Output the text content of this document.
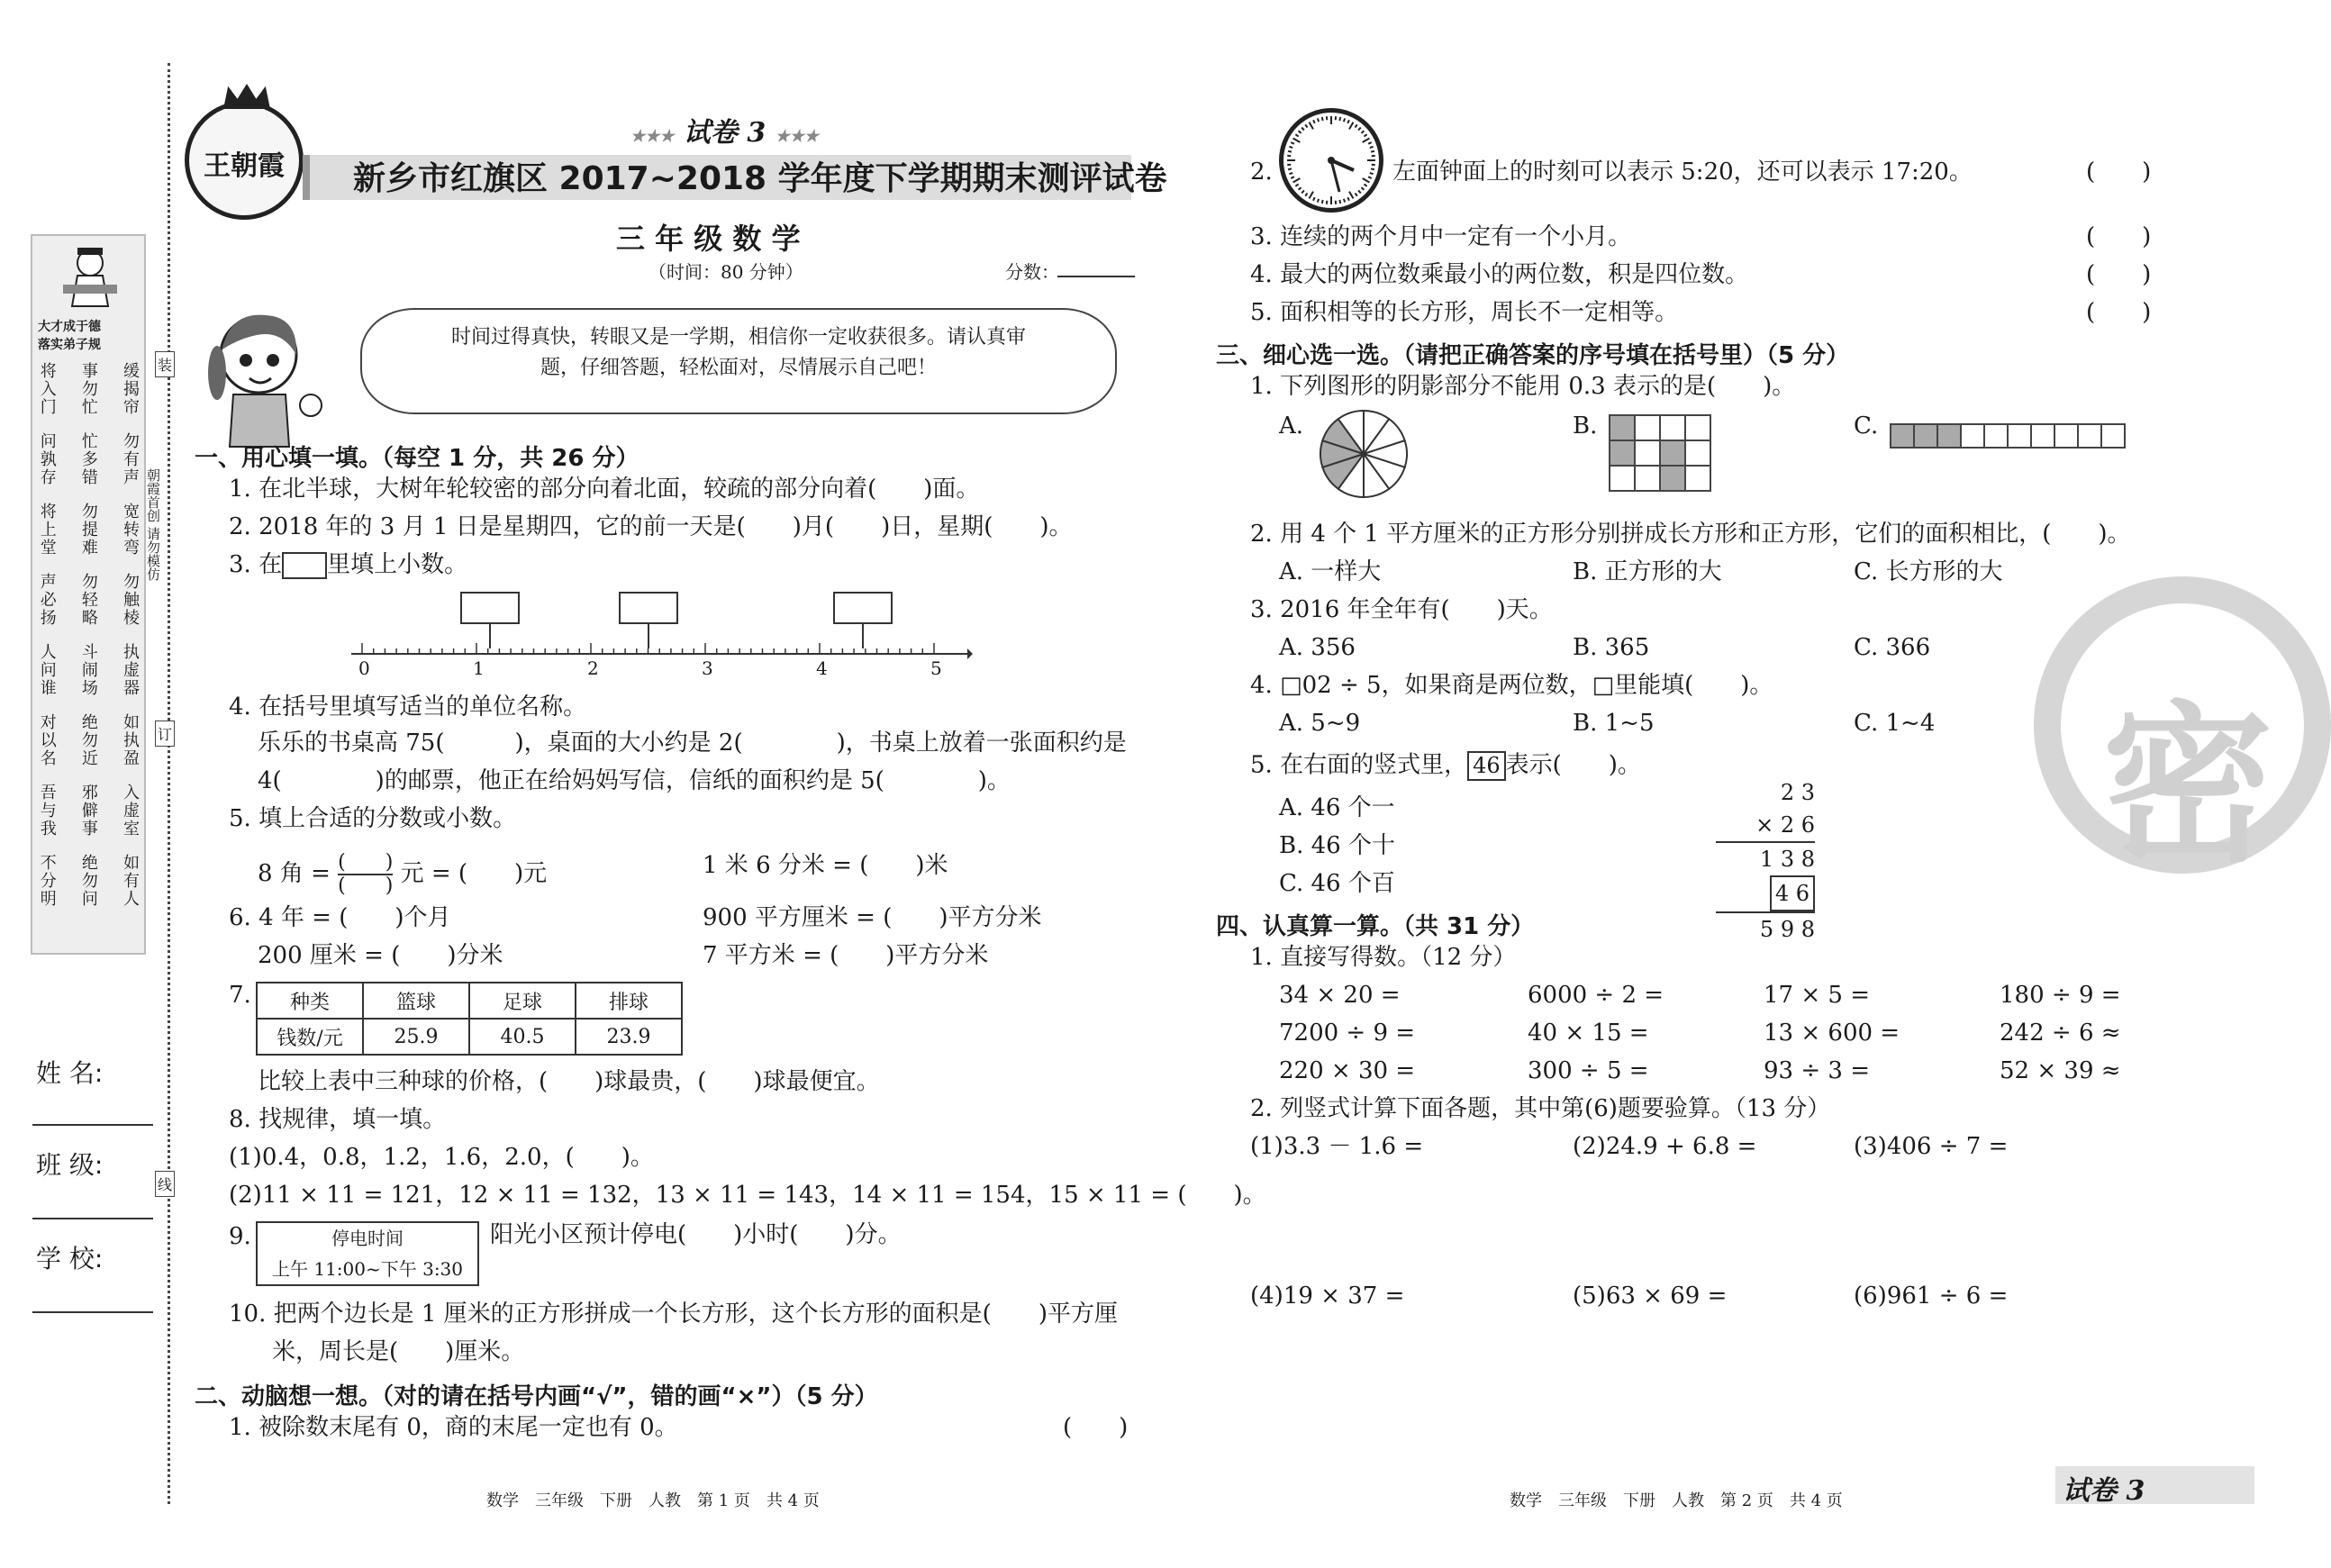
大才成于德
落实弟子规
将入门 事勿忙 缓揭帘
问孰存 忙多错 勿有声
将上堂 勿提难 宽转弯
声必扬 勿轻略 勿触棱
人问谁 斗闹场 执虚器
对以名 绝勿近 如执盈
吾与我 邪僻事 入虚室
不分明 绝勿问 如有人
装
订
线
朝霞首创 请勿模仿
姓 名:
班 级:
学 校:
王朝霞
★★★ 试卷 3 ★★★
新乡市红旗区 2017~2018 学年度下学期期末测评试卷
三 年 级 数 学
（时间：80 分钟）	分数：
时间过得真快，转眼又是一学期，相信你一定收获很多。请认真审
题，仔细答题，轻松面对，尽情展示自己吧！
一、用心填一填。（每空 1 分，共 26 分）
1. 在北半球，大树年轮较密的部分向着北面，较疏的部分向着(　　)面。
2. 2018 年的 3 月 1 日是星期四，它的前一天是(　　)月(　　)日，星期(　　)。
3. 在 里填上小数。
0	1	2	3	4	5
4. 在括号里填写适当的单位名称。
乐乐的书桌高 75(　　　)，桌面的大小约是 2(　　　　)，书桌上放着一张面积约是
4(　　　　)的邮票，他正在给妈妈写信，信纸的面积约是 5(　　　　)。
5. 填上合适的分数或小数。
8 角 = (　　)

(　　) 元 = (　　)元	1 米 6 分米 = (　　)米
6. 4 年 = (　　)个月	900 平方厘米 = (　　)平方分米
200 厘米 = (　　)分米	7 平方米 = (　　)平方分米
7. 种类	篮球	足球	排球
钱数/元	25.9	40.5	23.9
比较上表中三种球的价格，(　　)球最贵，(　　)球最便宜。
8. 找规律，填一填。
(1)0.4，0.8，1.2，1.6，2.0，(　　)。
(2)11 × 11 = 121，12 × 11 = 132，13 × 11 = 143，14 × 11 = 154，15 × 11 = (　　)。
9.	停电时间
上午 11:00~下午 3:30
阳光小区预计停电(　　)小时(　　)分。
10. 把两个边长是 1 厘米的正方形拼成一个长方形，这个长方形的面积是(　　)平方厘
米，周长是(　　)厘米。
二、动脑想一想。（对的请在括号内画“√”，错的画“×”）（5 分）
1. 被除数末尾有 0，商的末尾一定也有 0。	(　　)
数学　三年级　下册　人教　第 1 页　共 4 页
2.	左面钟面上的时刻可以表示 5:20，还可以表示 17:20。	(　　)
3. 连续的两个月中一定有一个小月。	(　　)
4. 最大的两位数乘最小的两位数，积是四位数。	(　　)
5. 面积相等的长方形，周长不一定相等。	(　　)
三、细心选一选。（请把正确答案的序号填在括号里）（5 分）
1. 下列图形的阴影部分不能用 0.3 表示的是(　　)。
A.	B.

				C.

2. 用 4 个 1 平方厘米的正方形分别拼成长方形和正方形，它们的面积相比，(　　)。
A. 一样大	B. 正方形的大	C. 长方形的大
3. 2016 年全年有(　　)天。
A. 356	B. 365	C. 366
4. □02 ÷ 5，如果商是两位数，□里能填(　　)。
A. 5~9	B. 1~5	C. 1~4
5. 在右面的竖式里， 46 表示(　　)。
A. 46 个一
B. 46 个十
C. 46 个百
2 3
× 2 6
1 3 8
4 6
5 9 8
四、认真算一算。（共 31 分）
1. 直接写得数。（12 分）
2. 列竖式计算下面各题，其中第(6)题要验算。（13 分）
(1)3.3 － 1.6 =	(2)24.9 + 6.8 =	(3)406 ÷ 7 =
(4)19 × 37 =	(5)63 × 69 =	(6)961 ÷ 6 =
密
数学　三年级　下册　人教　第 2 页　共 4 页	试卷 3
34 × 20 =	6000 ÷ 2 =	17 × 5 =	180 ÷ 9 =
7200 ÷ 9 =	40 × 15 =	13 × 600 =	242 ÷ 6 ≈
220 × 30 =	300 ÷ 5 =	93 ÷ 3 =	52 × 39 ≈
